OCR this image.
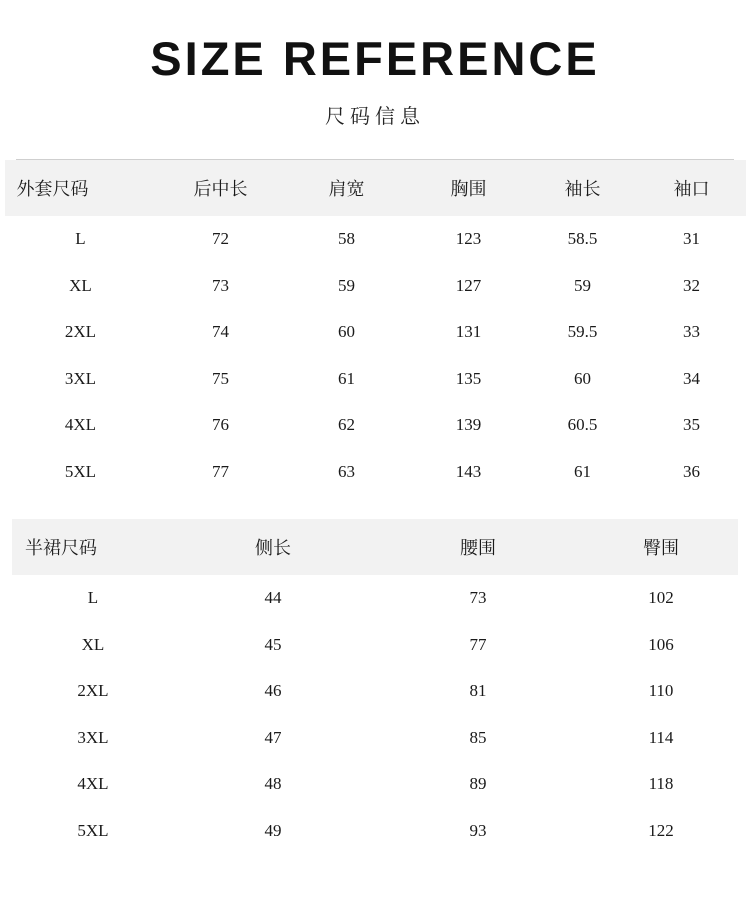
SIZE REFERENCE

尺码信息

外套尺码	后中长	肩宽	胸围	袖长	袖口

L	72	58	123	58.5	31
XL	73	59	127	59	32
2XL	74	60	131	59.5	33
3XL	75	61	135	60	34
4XL	76	62	139	60.5	35
5XL	77	63	143	61	36
半裙尺码	侧长	腰围	臀围

L	44	73	102
XL	45	77	106
2XL	46	81	110
3XL	47	85	114
4XL	48	89	118
5XL	49	93	122
